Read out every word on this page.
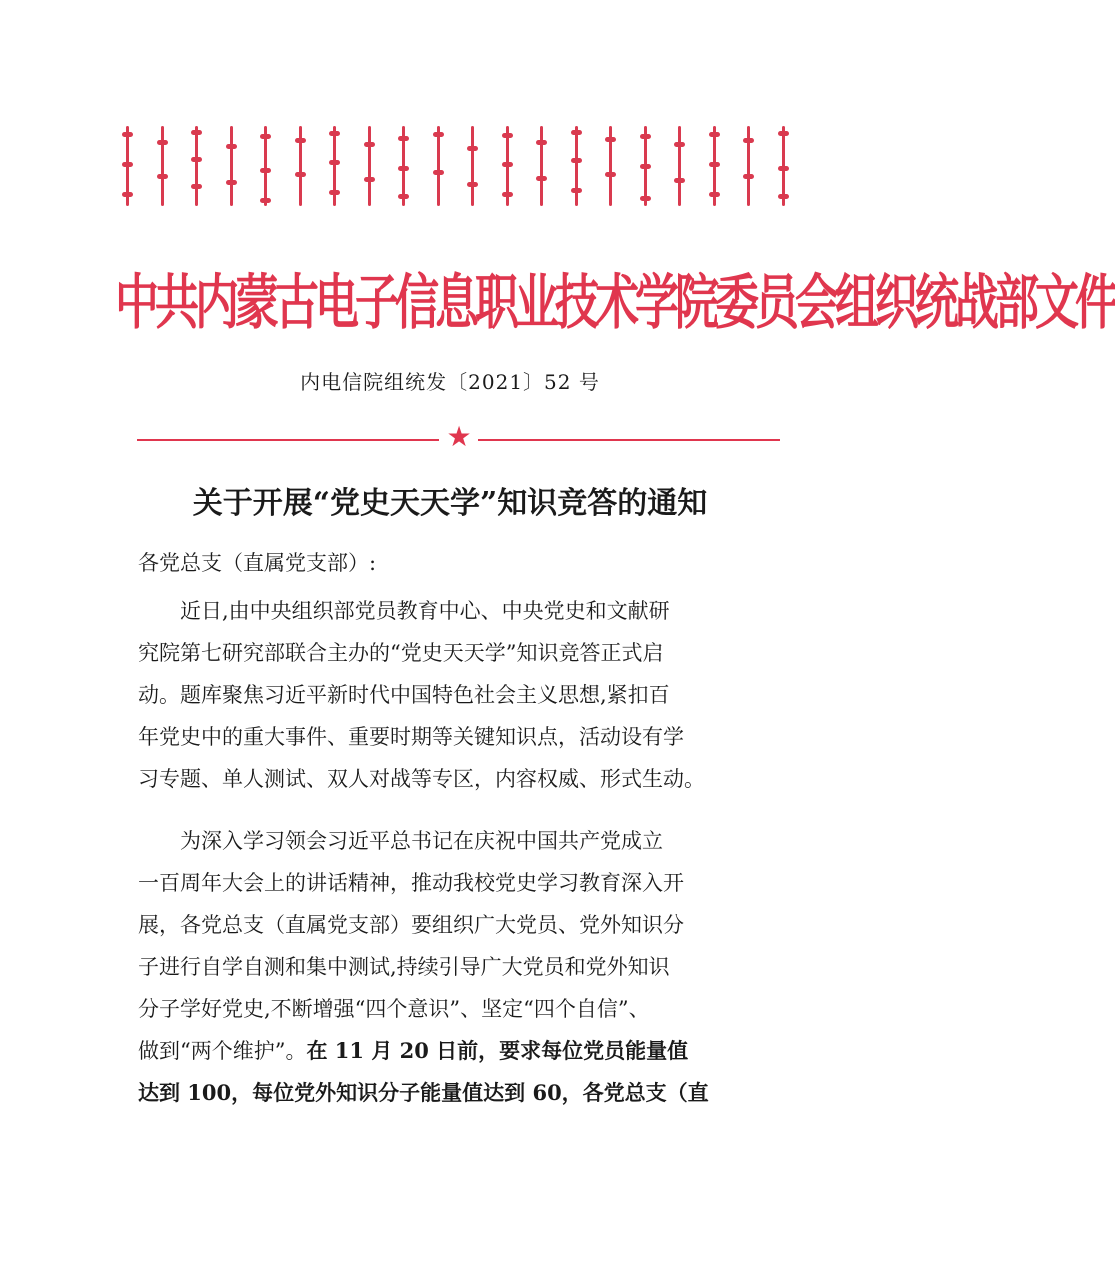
中共内蒙古电子信息职业技术学院委员会组织统战部文件
内电信院组统发〔2021〕52 号
★
关于开展“党史天天学”知识竞答的通知
各党总支（直属党支部）:
近日,由中央组织部党员教育中心、中央党史和文献研
究院第七研究部联合主办的“党史天天学”知识竞答正式启
动。题库聚焦习近平新时代中国特色社会主义思想,紧扣百
年党史中的重大事件、重要时期等关键知识点，活动设有学
习专题、单人测试、双人对战等专区，内容权威、形式生动。
为深入学习领会习近平总书记在庆祝中国共产党成立
一百周年大会上的讲话精神，推动我校党史学习教育深入开
展，各党总支（直属党支部）要组织广大党员、党外知识分
子进行自学自测和集中测试,持续引导广大党员和党外知识
分子学好党史,不断增强“四个意识”、坚定“四个自信”、
做到“两个维护”。在 11 月 20 日前，要求每位党员能量值
达到 100，每位党外知识分子能量值达到 60，各党总支（直
